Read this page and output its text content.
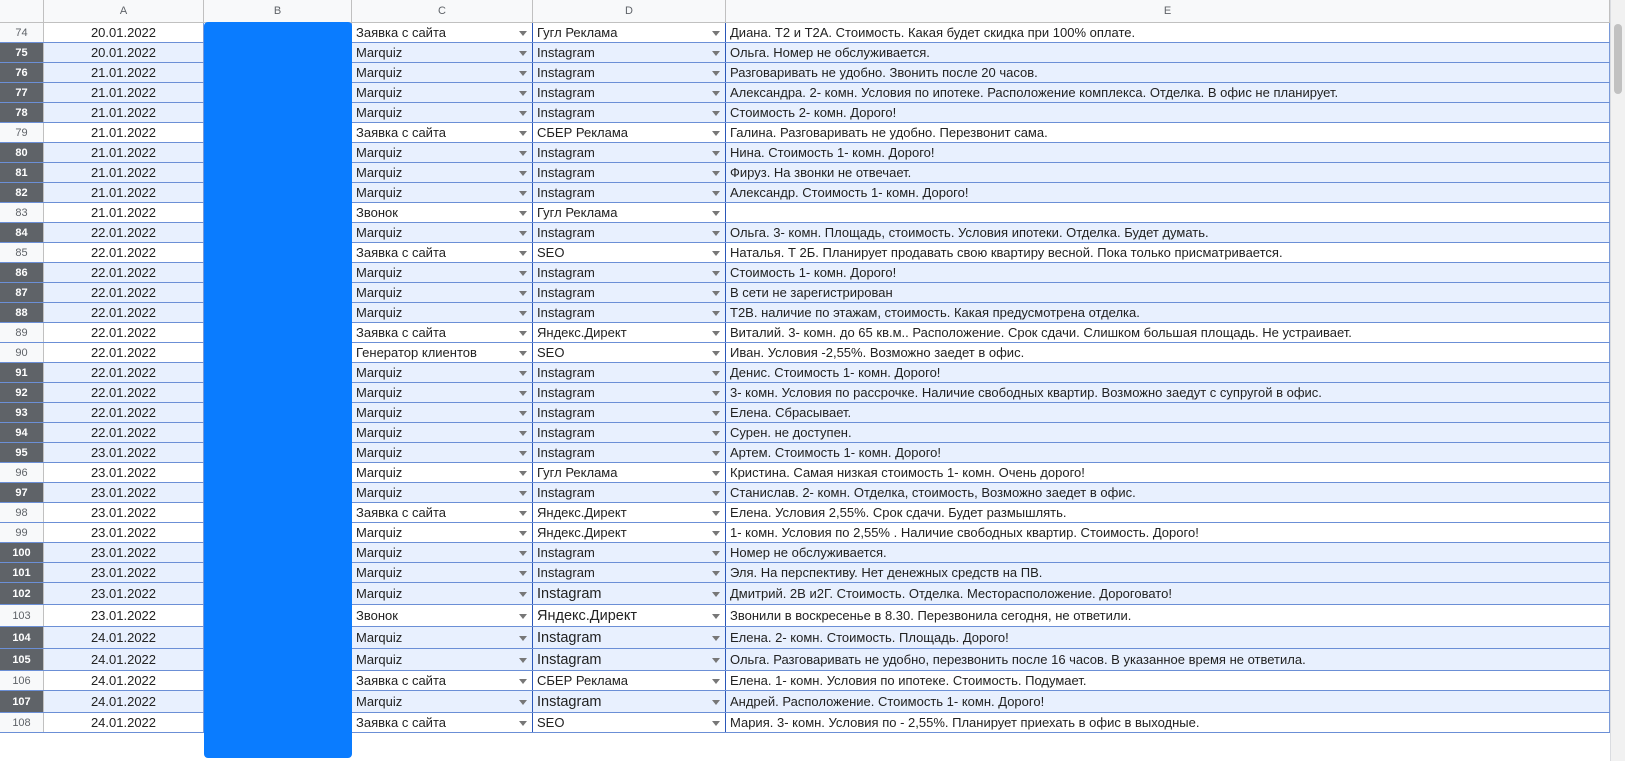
A	B	C	D	E
74	20.01.2022	Заявка с сайта	Гугл Реклама	Диана. Т2 и Т2А. Стоимость. Какая будет скидка при 100% оплате.
75	20.01.2022	Marquiz	Instagram	Ольга. Номер не обслуживается.
76	21.01.2022	Marquiz	Instagram	Разговаривать не удобно. Звонить после 20 часов.
77	21.01.2022	Marquiz	Instagram	Александра. 2- комн. Условия по ипотеке. Расположение комплекса. Отделка. В офис не планирует.
78	21.01.2022	Marquiz	Instagram	Стоимость 2- комн. Дорого!
79	21.01.2022	Заявка с сайта	СБЕР Реклама	Галина. Разговаривать не удобно. Перезвонит сама.
80	21.01.2022	Marquiz	Instagram	Нина. Стоимость 1- комн. Дорого!
81	21.01.2022	Marquiz	Instagram	Фируз. На звонки не отвечает.
82	21.01.2022	Marquiz	Instagram	Александр. Стоимость 1- комн. Дорого!
83	21.01.2022	Звонок	Гугл Реклама
84	22.01.2022	Marquiz	Instagram	Ольга. 3- комн. Площадь, стоимость. Условия ипотеки. Отделка. Будет думать.
85	22.01.2022	Заявка с сайта	SEO	Наталья. Т 2Б. Планирует продавать свою квартиру весной. Пока только присматривается.
86	22.01.2022	Marquiz	Instagram	Стоимость 1- комн. Дорого!
87	22.01.2022	Marquiz	Instagram	В сети не зарегистрирован
88	22.01.2022	Marquiz	Instagram	Т2В. наличие по этажам, стоимость. Какая предусмотрена отделка.
89	22.01.2022	Заявка с сайта	Яндекс.Директ	Виталий. 3- комн. до 65 кв.м.. Расположение. Срок сдачи. Слишком большая площадь. Не устраивает.
90	22.01.2022	Генератор клиентов	SEO	Иван. Условия -2,55%. Возможно заедет в офис.
91	22.01.2022	Marquiz	Instagram	Денис. Стоимость 1- комн. Дорого!
92	22.01.2022	Marquiz	Instagram	3- комн. Условия по рассрочке. Наличие свободных квартир. Возможно заедут с супругой в офис.
93	22.01.2022	Marquiz	Instagram	Елена. Сбрасывает.
94	22.01.2022	Marquiz	Instagram	Сурен. не доступен.
95	23.01.2022	Marquiz	Instagram	Артем. Стоимость 1- комн. Дорого!
96	23.01.2022	Marquiz	Гугл Реклама	Кристина. Самая низкая стоимость 1- комн. Очень дорого!
97	23.01.2022	Marquiz	Instagram	Станислав. 2- комн. Отделка, стоимость, Возможно заедет в офис.
98	23.01.2022	Заявка с сайта	Яндекс.Директ	Елена. Условия 2,55%. Срок сдачи. Будет размышлять.
99	23.01.2022	Marquiz	Яндекс.Директ	1- комн. Условия по 2,55% . Наличие свободных квартир. Стоимость. Дорого!
100	23.01.2022	Marquiz	Instagram	Номер не обслуживается.
101	23.01.2022	Marquiz	Instagram	Эля. На перспективу. Нет денежных средств на ПВ.
102	23.01.2022	Marquiz	Instagram	Дмитрий. 2В и2Г. Стоимость. Отделка. Месторасположение. Дороговато!
103	23.01.2022	Звонок	Яндекс.Директ	Звонили в воскресенье в 8.30. Перезвонила сегодня, не ответили.
104	24.01.2022	Marquiz	Instagram	Елена. 2- комн. Стоимость. Площадь. Дорого!
105	24.01.2022	Marquiz	Instagram	Ольга. Разговаривать не удобно, перезвонить после 16 часов. В указанное время не ответила.
106	24.01.2022	Заявка с сайта	СБЕР Реклама	Елена. 1- комн. Условия по ипотеке. Стоимость. Подумает.
107	24.01.2022	Marquiz	Instagram	Андрей. Расположение. Стоимость 1- комн. Дорого!
108	24.01.2022	Заявка с сайта	SEO	Мария. 3- комн. Условия по - 2,55%. Планирует приехать в офис в выходные.
